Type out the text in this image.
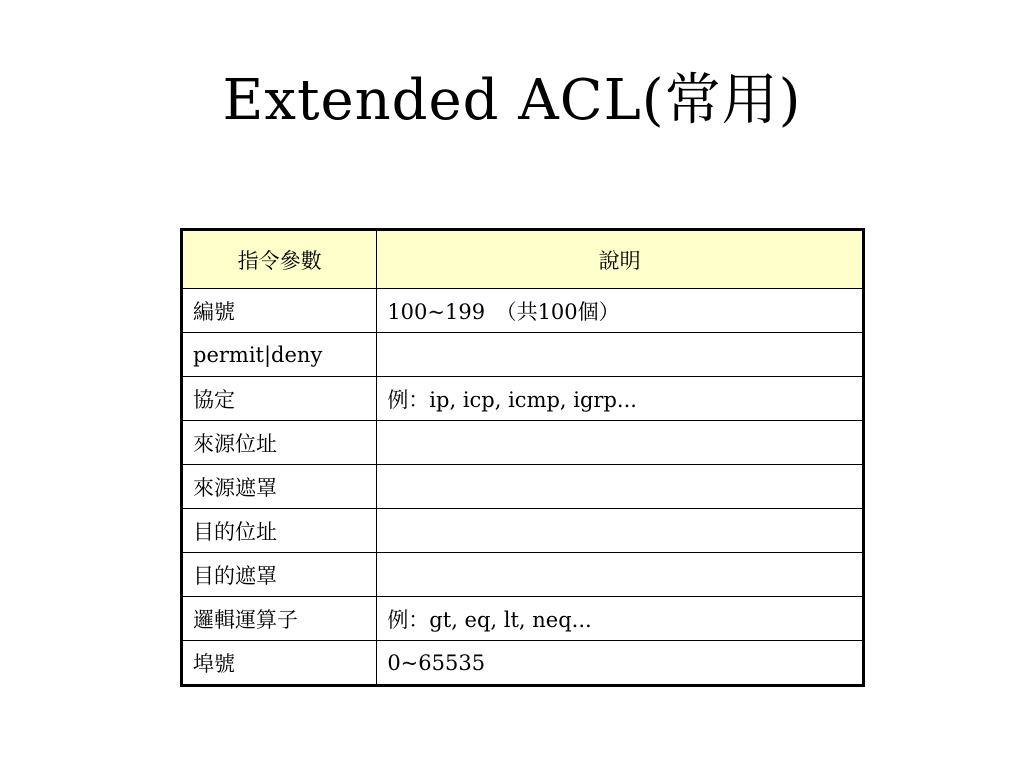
Extended ACL(常用)
指令參數	說明
編號	100~199　（共100個）
permit|deny	
協定	例：ip, icp, icmp, igrp...
來源位址	
來源遮罩	
目的位址	
目的遮罩	
邏輯運算子	例：gt, eq, lt, neq...
埠號	0~65535
